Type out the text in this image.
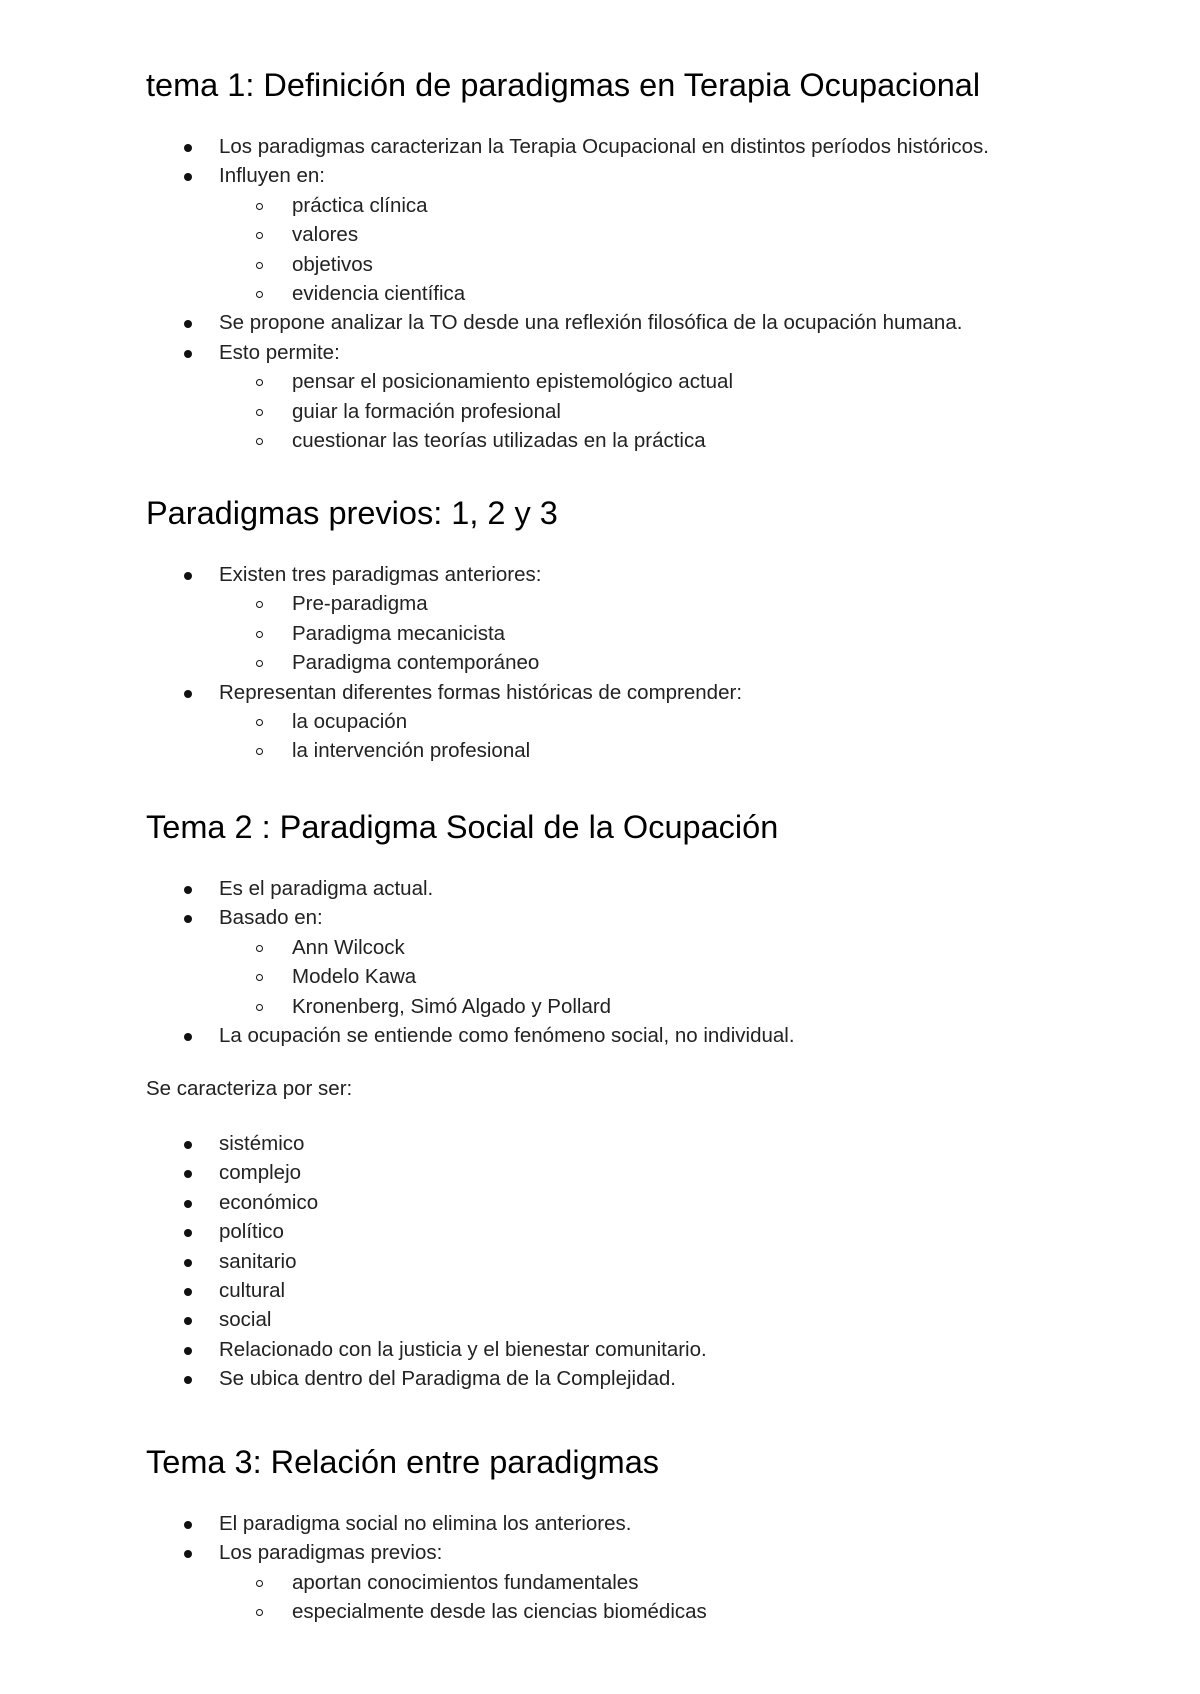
tema 1: Definición de paradigmas en Terapia Ocupacional

Los paradigmas caracterizan la Terapia Ocupacional en distintos períodos históricos.

Influyen en:

práctica clínica

valores

objetivos

evidencia científica

Se propone analizar la TO desde una reflexión filosófica de la ocupación humana.

Esto permite:

pensar el posicionamiento epistemológico actual

guiar la formación profesional

cuestionar las teorías utilizadas en la práctica

Paradigmas previos: 1, 2 y 3

Existen tres paradigmas anteriores:

Pre-paradigma

Paradigma mecanicista

Paradigma contemporáneo

Representan diferentes formas históricas de comprender:

la ocupación

la intervención profesional

Tema 2 : Paradigma Social de la Ocupación

Es el paradigma actual.

Basado en:

Ann Wilcock

Modelo Kawa

Kronenberg, Simó Algado y Pollard

La ocupación se entiende como fenómeno social, no individual.

Se caracteriza por ser:

sistémico

complejo

económico

político

sanitario

cultural

social

Relacionado con la justicia y el bienestar comunitario.

Se ubica dentro del Paradigma de la Complejidad.

Tema 3: Relación entre paradigmas

El paradigma social no elimina los anteriores.

Los paradigmas previos:

aportan conocimientos fundamentales

especialmente desde las ciencias biomédicas
